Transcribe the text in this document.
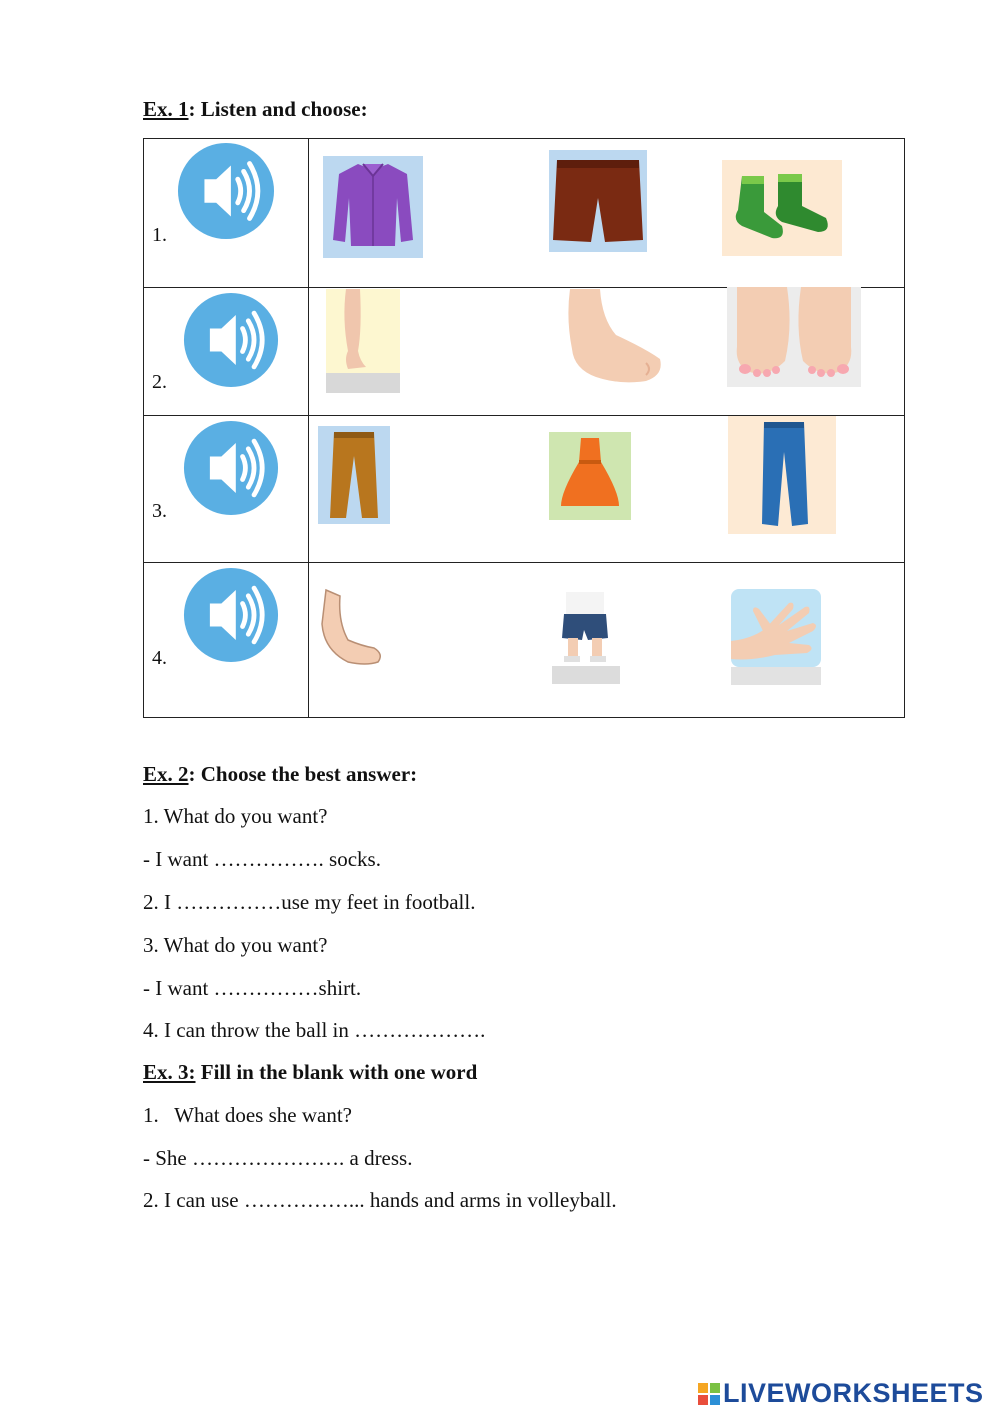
Ex. 1: Listen and choose:
1.
2.
3.
4.
Ex. 2: Choose the best answer:
1. What do you want?
- I want ……………. socks.
2. I ……………use my feet in football.
3. What do you want?
- I want ……………shirt.
4. I can throw the ball in ……………….
Ex. 3: Fill in the blank with one word
1.   What does she want?
- She …………………. a dress.
2. I can use ……………... hands and arms in volleyball.
LIVEWORKSHEETS
